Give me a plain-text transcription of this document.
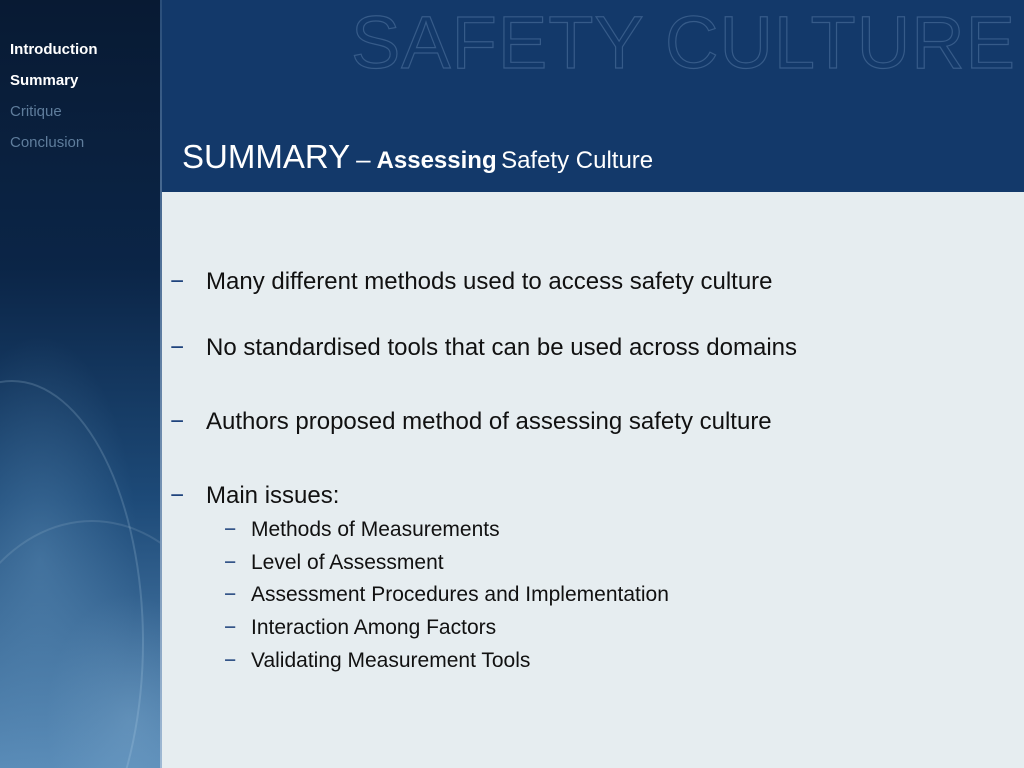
Introduction
Summary
Critique
Conclusion
SAFETY CULTURE
SUMMARY – Assessing Safety Culture
− Many different methods used to access safety culture
− No standardised tools that can be used across domains
− Authors proposed method of assessing safety culture
− Main issues:
− Methods of Measurements
− Level of Assessment
− Assessment Procedures and Implementation
− Interaction Among Factors
− Validating Measurement Tools
